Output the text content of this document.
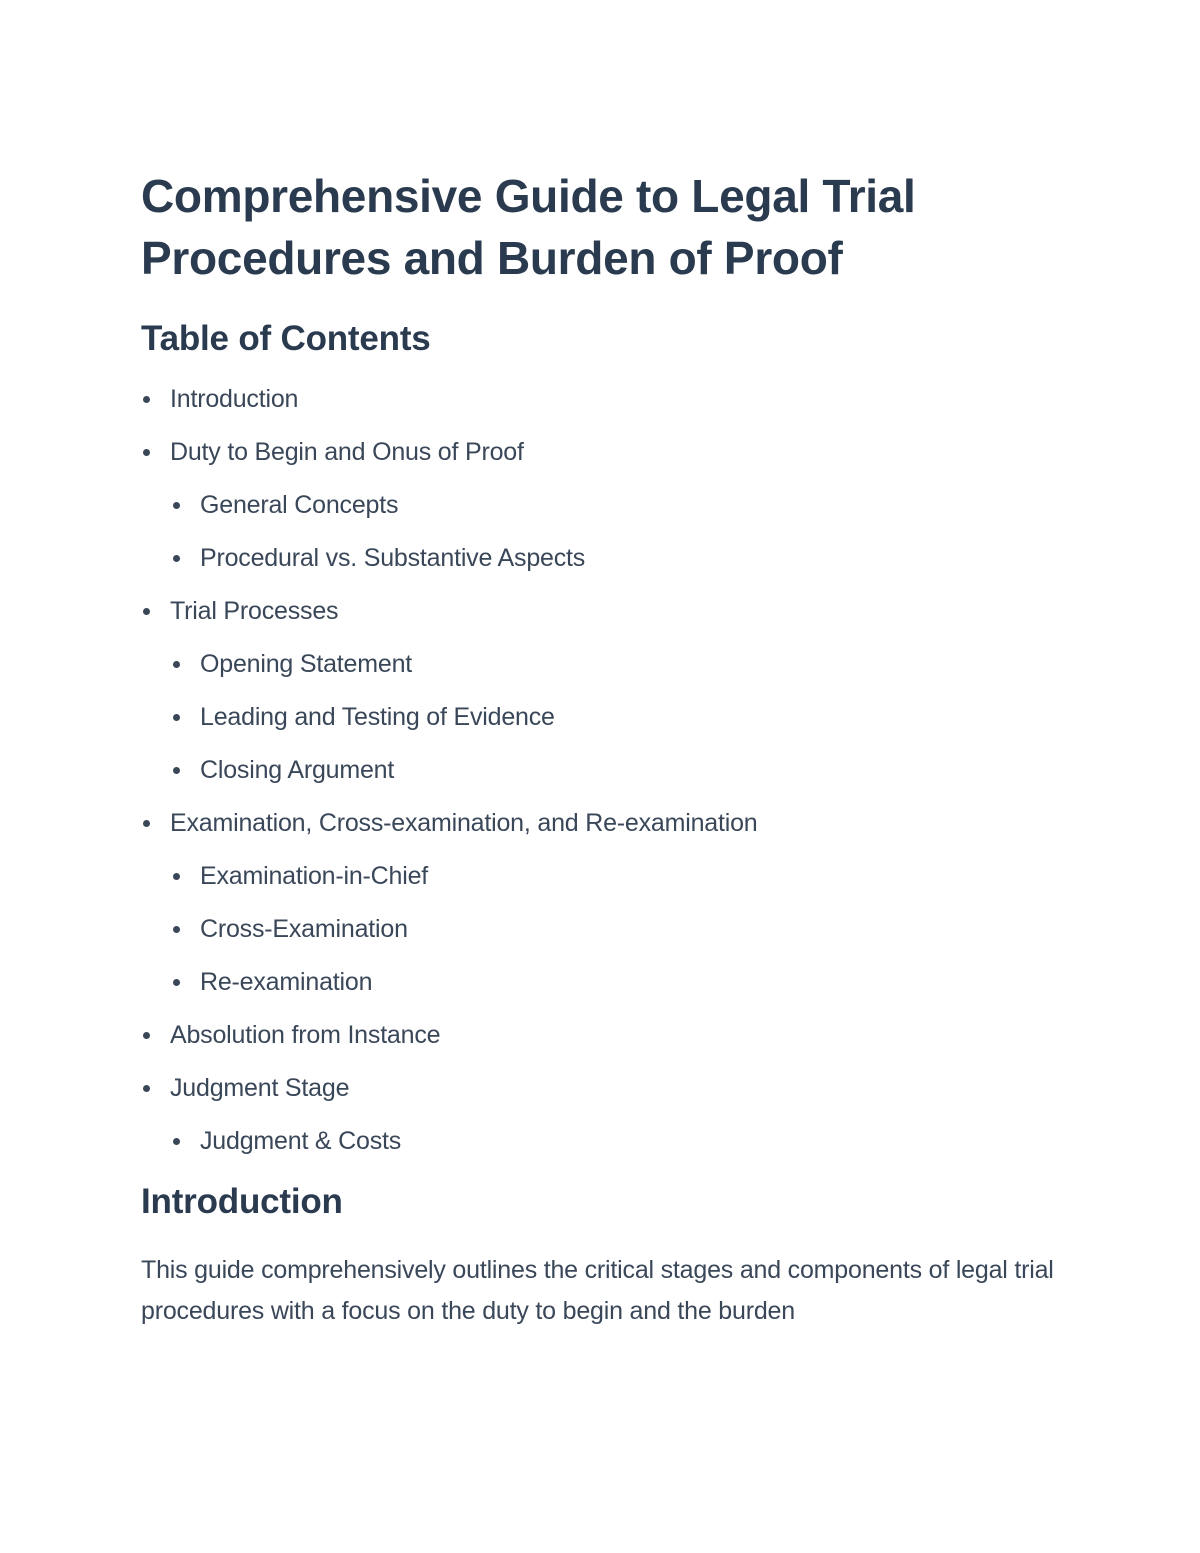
Comprehensive Guide to Legal Trial Procedures and Burden of Proof
Table of Contents
Introduction
Duty to Begin and Onus of Proof
General Concepts
Procedural vs. Substantive Aspects
Trial Processes
Opening Statement
Leading and Testing of Evidence
Closing Argument
Examination, Cross-examination, and Re-examination
Examination-in-Chief
Cross-Examination
Re-examination
Absolution from Instance
Judgment Stage
Judgment & Costs
Introduction

This guide comprehensively outlines the critical stages and components of legal trial procedures with a focus on the duty to begin and the burden
